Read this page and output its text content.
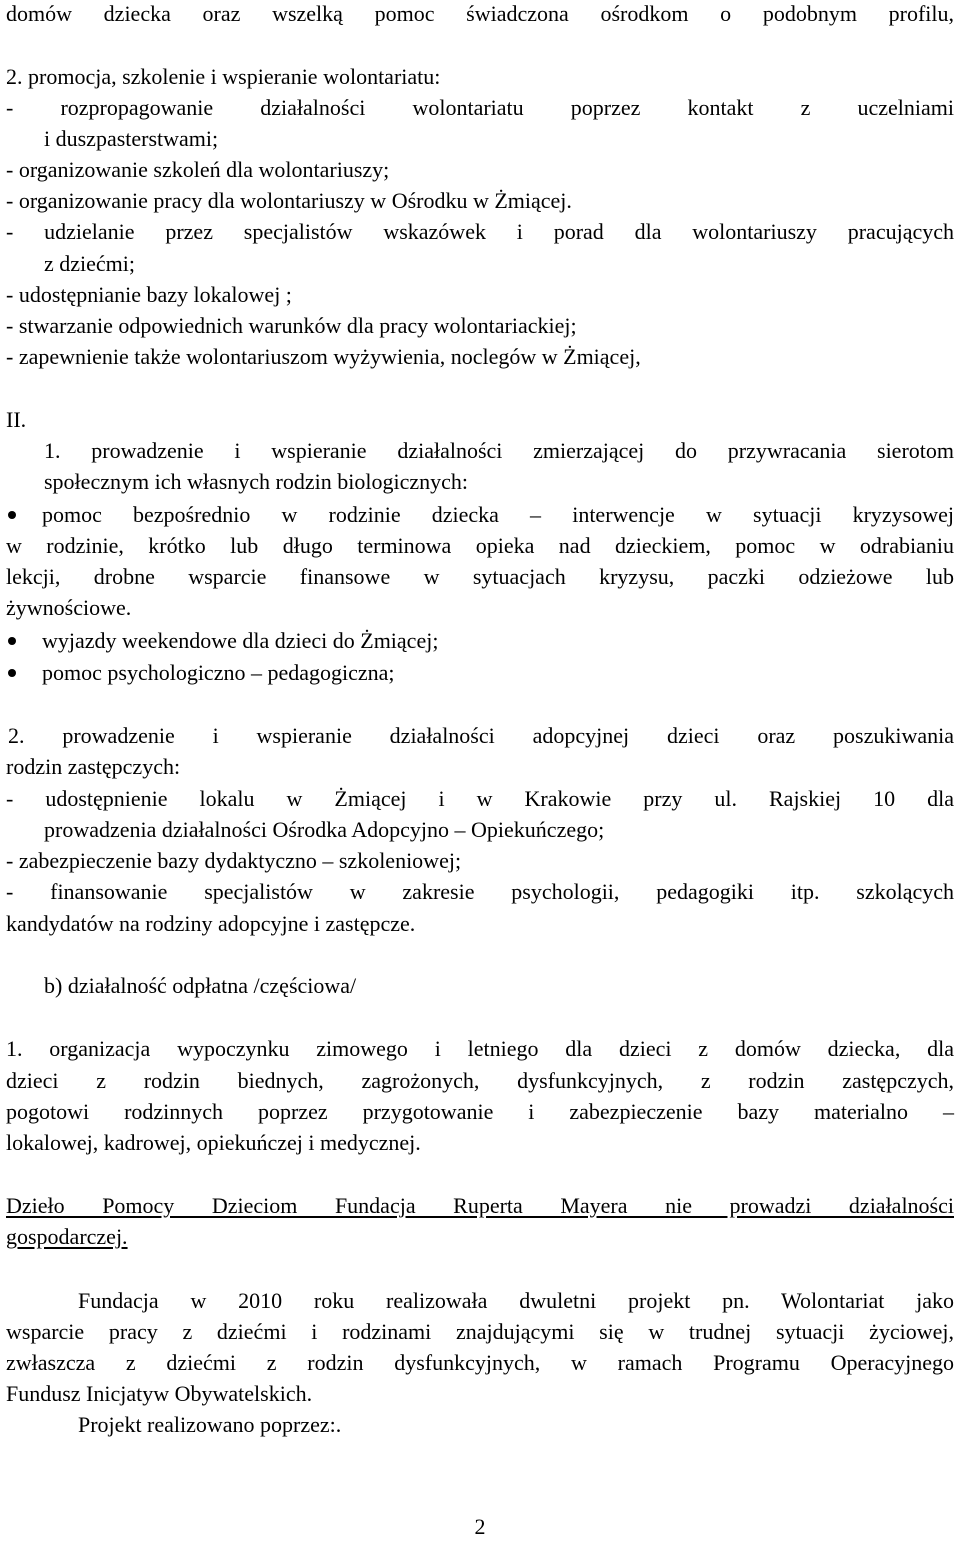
domów dziecka oraz wszelką pomoc świadczona ośrodkom o podobnym profilu,
2. promocja, szkolenie i wspieranie wolontariatu:
- rozpropagowanie działalności wolontariatu poprzez kontakt z uczelniami
i duszpasterstwami;
- organizowanie szkoleń dla wolontariuszy;
- organizowanie pracy dla wolontariuszy w Ośrodku w Żmiącej.
- udzielanie przez specjalistów wskazówek i porad dla wolontariuszy pracujących
z dziećmi;
- udostępnianie bazy lokalowej ;
- stwarzanie odpowiednich warunków dla pracy wolontariackiej;
- zapewnienie także wolontariuszom wyżywienia, noclegów w Żmiącej,
II.
1. prowadzenie i wspieranie działalności zmierzającej do przywracania sierotom
społecznym ich własnych rodzin biologicznych:
pomoc bezpośrednio w rodzinie dziecka – interwencje w sytuacji kryzysowej
w rodzinie, krótko lub długo terminowa opieka nad dzieckiem, pomoc w odrabianiu
lekcji, drobne wsparcie finansowe w sytuacjach kryzysu, paczki odzieżowe lub
żywnościowe.
wyjazdy weekendowe dla dzieci do Żmiącej;
pomoc psychologiczno – pedagogiczna;
2. prowadzenie i wspieranie działalności adopcyjnej dzieci oraz poszukiwania
rodzin zastępczych:
- udostępnienie lokalu w Żmiącej i w Krakowie przy ul. Rajskiej 10 dla
prowadzenia działalności Ośrodka Adopcyjno – Opiekuńczego;
- zabezpieczenie bazy dydaktyczno – szkoleniowej;
- finansowanie specjalistów w zakresie psychologii, pedagogiki itp. szkolących
kandydatów na rodziny adopcyjne i zastępcze.
b) działalność odpłatna /częściowa/
1. organizacja wypoczynku zimowego i letniego dla dzieci z domów dziecka, dla
dzieci z rodzin biednych, zagrożonych, dysfunkcyjnych, z rodzin zastępczych,
pogotowi rodzinnych poprzez przygotowanie i zabezpieczenie bazy materialno –
lokalowej, kadrowej, opiekuńczej i medycznej.
Dzieło Pomocy Dzieciom Fundacja Ruperta Mayera nie prowadzi działalności
gospodarczej.
Fundacja w 2010 roku realizowała dwuletni projekt pn. Wolontariat jako
wsparcie pracy z dziećmi i rodzinami znajdującymi się w trudnej sytuacji życiowej,
zwłaszcza z dziećmi z rodzin dysfunkcyjnych, w ramach Programu Operacyjnego
Fundusz Inicjatyw Obywatelskich.
Projekt realizowano poprzez:.
2
